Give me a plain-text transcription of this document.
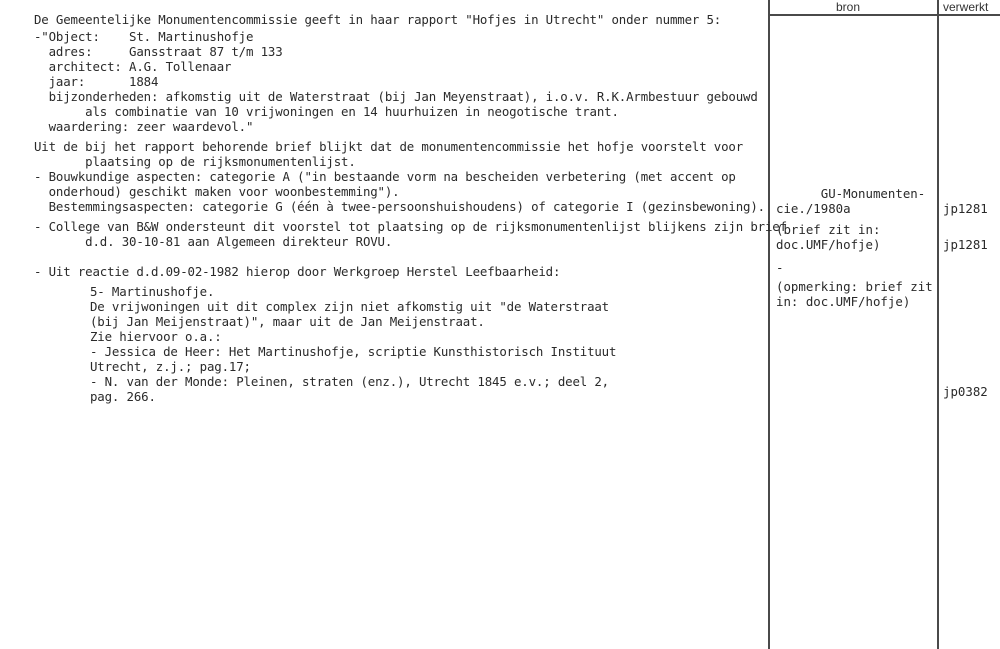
bron	verwerkt
De Gemeentelijke Monumentencommissie geeft in haar rapport "Hofjes in Utrecht" onder nummer 5:
-"Object:    St. Martinushofje
adres:     Gansstraat 87 t/m 133
architect: A.G. Tollenaar
jaar:      1884
bijzonderheden: afkomstig uit de Waterstraat (bij Jan Meyenstraat), i.o.v. R.K.Armbestuur gebouwd
als combinatie van 10 vrijwoningen en 14 huurhuizen in neogotische trant.
waardering: zeer waardevol."
Uit de bij het rapport behorende brief blijkt dat de monumentencommissie het hofje voorstelt voor
plaatsing op de rijksmonumentenlijst.
- Bouwkundige aspecten: categorie A ("in bestaande vorm na bescheiden verbetering (met accent op
onderhoud) geschikt maken voor woonbestemming").
Bestemmingsaspecten: categorie G (één à twee-persoonshuishoudens) of categorie I (gezinsbewoning).
- College van B&W ondersteunt dit voorstel tot plaatsing op de rijksmonumentenlijst blijkens zijn brief
d.d. 30-10-81 aan Algemeen direkteur ROVU.
- Uit reactie d.d.09-02-1982 hierop door Werkgroep Herstel Leefbaarheid:
5- Martinushofje.
De vrijwoningen uit dit complex zijn niet afkomstig uit "de Waterstraat
(bij Jan Meijenstraat)", maar uit de Jan Meijenstraat.
Zie hiervoor o.a.:
- Jessica de Heer: Het Martinushofje, scriptie Kunsthistorisch Instituut
Utrecht, z.j.; pag.17;
- N. van der Monde: Pleinen, straten (enz.), Utrecht 1845 e.v.; deel 2,
pag. 266.
GU-Monumenten-
cie./1980a
(brief zit in:
doc.UMF/hofje)
-
(opmerking: brief zit
in: doc.UMF/hofje)
jp1281
jp1281
jp0382
